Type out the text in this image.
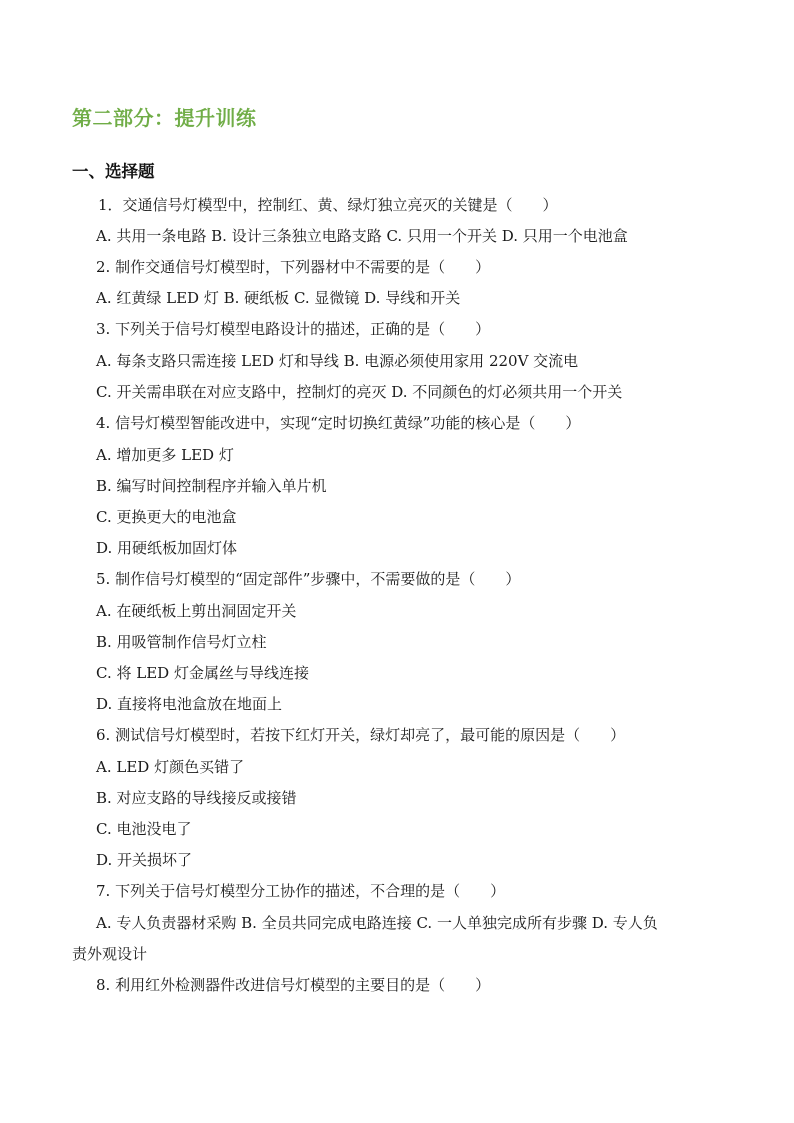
第二部分：提升训练
一、选择题
1．交通信号灯模型中，控制红、黄、绿灯独立亮灭的关键是（　　）
A. 共用一条电路 B. 设计三条独立电路支路 C. 只用一个开关 D. 只用一个电池盒
2. 制作交通信号灯模型时，下列器材中不需要的是（　　）
A. 红黄绿 LED 灯 B. 硬纸板 C. 显微镜 D. 导线和开关
3. 下列关于信号灯模型电路设计的描述，正确的是（　　）
A. 每条支路只需连接 LED 灯和导线 B. 电源必须使用家用 220V 交流电
C. 开关需串联在对应支路中，控制灯的亮灭 D. 不同颜色的灯必须共用一个开关
4. 信号灯模型智能改进中，实现“定时切换红黄绿”功能的核心是（　　）
A. 增加更多 LED 灯
B. 编写时间控制程序并输入单片机
C. 更换更大的电池盒
D. 用硬纸板加固灯体
5. 制作信号灯模型的“固定部件”步骤中，不需要做的是（　　）
A. 在硬纸板上剪出洞固定开关
B. 用吸管制作信号灯立柱
C. 将 LED 灯金属丝与导线连接
D. 直接将电池盒放在地面上
6. 测试信号灯模型时，若按下红灯开关，绿灯却亮了，最可能的原因是（　　）
A. LED 灯颜色买错了
B. 对应支路的导线接反或接错
C. 电池没电了
D. 开关损坏了
7. 下列关于信号灯模型分工协作的描述，不合理的是（　　）
A. 专人负责器材采购 B. 全员共同完成电路连接 C. 一人单独完成所有步骤 D. 专人负
责外观设计
8. 利用红外检测器件改进信号灯模型的主要目的是（　　）
